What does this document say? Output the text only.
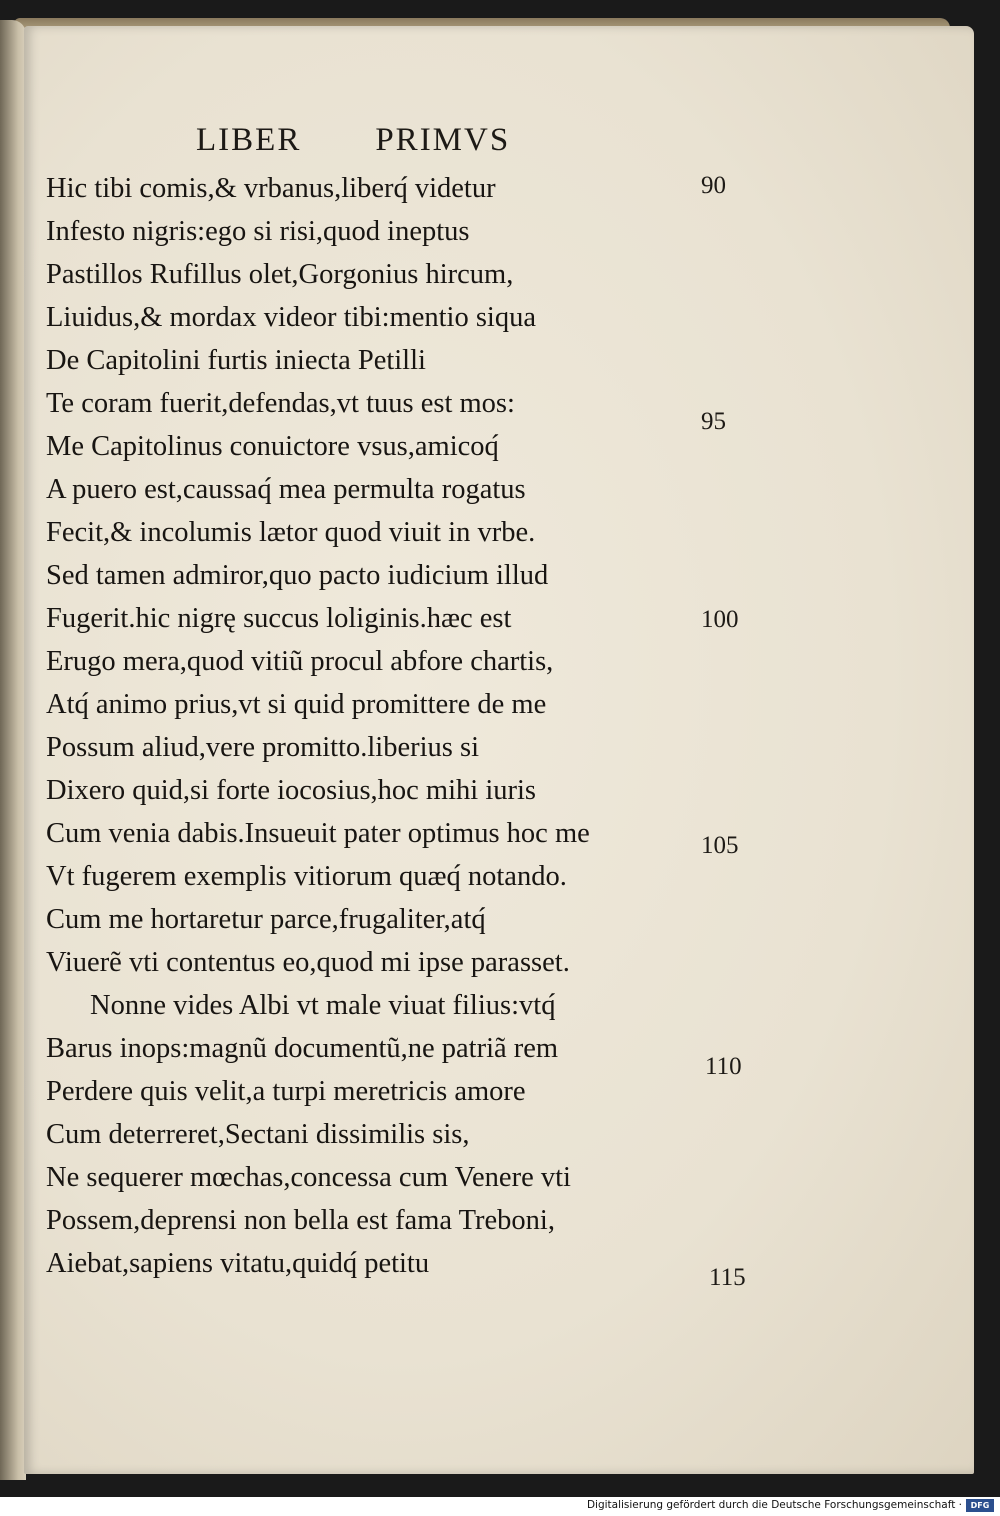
LIBER PRIMVS
Hic tibi comis,& vrbanus,liberq́ videtur
Infesto nigris:ego si risi,quod ineptus
Pastillos Rufillus olet,Gorgonius hircum,
Liuidus,& mordax videor tibi:mentio siqua
De Capitolini furtis iniecta Petilli
Te coram fuerit,defendas,vt tuus est mos:
Me Capitolinus conuictore vsus,amicoq́
A puero est,caussaq́ mea permulta rogatus
Fecit,& incolumis lætor quod viuit in vrbe.
Sed tamen admiror,quo pacto iudicium illud
Fugerit.hic nigrę succus loliginis.hæc est
Erugo mera,quod vitiũ procul abfore chartis,
Atq́ animo prius,vt si quid promittere de me
Possum aliud,vere promitto.liberius si
Dixero quid,si forte iocosius,hoc mihi iuris
Cum venia dabis.Insueuit pater optimus hoc me
Vt fugerem exemplis vitiorum quæq́ notando.
Cum me hortaretur parce,frugaliter,atq́
Viuerẽ vti contentus eo,quod mi ipse parasset.
Nonne vides Albi vt male viuat filius:vtq́
Barus inops:magnũ documentũ,ne patriã rem
Perdere quis velit,a turpi meretricis amore
Cum deterreret,Sectani dissimilis sis,
Ne sequerer mœchas,concessa cum Venere vti
Possem,deprensi non bella est fama Treboni,
Aiebat,sapiens vitatu,quidq́ petitu
90
95
100
105
110
115
Digitalisierung gefördert durch die Deutsche Forschungsgemeinschaft ·	DFG
